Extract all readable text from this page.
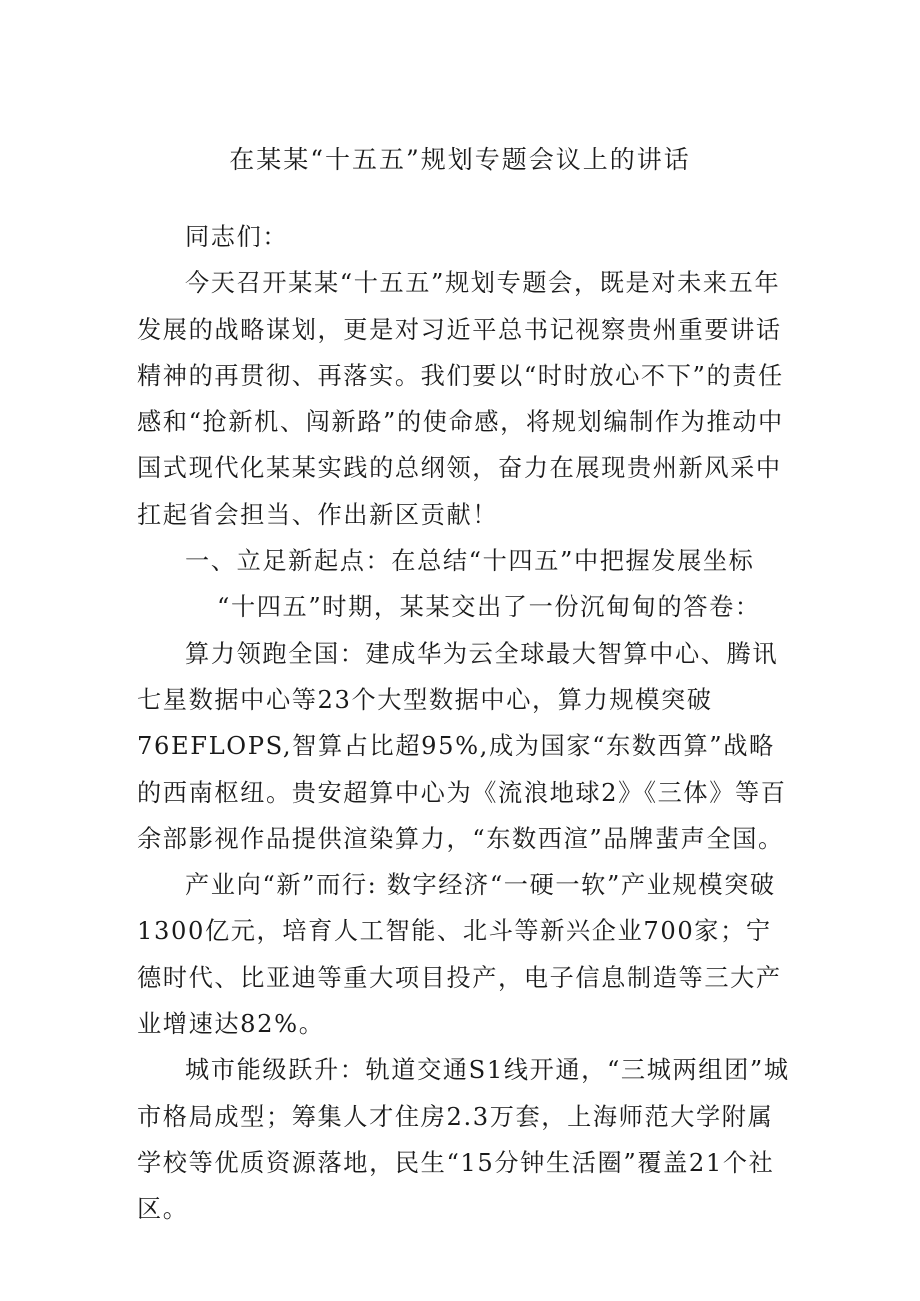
在某某“十五五”规划专题会议上的讲话

同志们：

今天召开某某“十五五”规划专题会，既是对未来五年发展的战略谋划，更是对习近平总书记视察贵州重要讲话精神的再贯彻、再落实。我们要以“时时放心不下”的责任感和“抢新机、闯新路”的使命感，将规划编制作为推动中国式现代化某某实践的总纲领，奋力在展现贵州新风采中扛起省会担当、作出新区贡献！

一、立足新起点：在总结“十四五”中把握发展坐标

“十四五”时期，某某交出了一份沉甸甸的答卷：

算力领跑全国：建成华为云全球最大智算中心、腾讯七星数据中心等23个大型数据中心，算力规模突破76EFLOPS,智算占比超95%,成为国家“东数西算”战略的西南枢纽。贵安超算中心为《流浪地球2》《三体》等百余部影视作品提供渲染算力，“东数西渲”品牌蜚声全国。

产业向“新”而行: 数字经济“一硬一软”产业规模突破1300亿元，培育人工智能、北斗等新兴企业700家；宁德时代、比亚迪等重大项目投产，电子信息制造等三大产业增速达82%。

城市能级跃升：轨道交通S1线开通，“三城两组团”城市格局成型；筹集人才住房2.3万套，上海师范大学附属学校等优质资源落地，民生“15分钟生活圈”覆盖21个社区。
